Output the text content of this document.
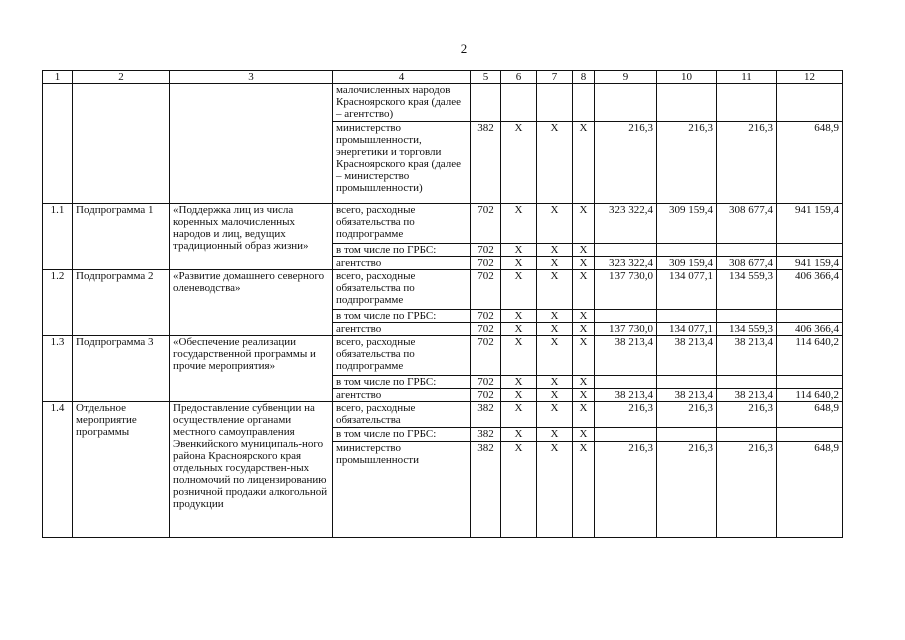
2
1	2	3	4	5	6	7	8	9	10	11	12
			малочисленных народов Красноярского края (далее – агентство)								
			министерство промышленности, энергетики и торговли Красноярского края (далее – министерство промышленности)	382	Х	Х	Х	216,3	216,3	216,3	648,9
1.1	Подпрограмма 1	«Поддержка лиц из числа коренных малочисленных народов и лиц, ведущих традиционный образ жизни»	всего, расходные обязательства по подпрограмме	702	Х	Х	Х	323 322,4	309 159,4	308 677,4	941 159,4
			в том числе по ГРБС:	702	Х	Х	Х				
			агентство	702	Х	Х	Х	323 322,4	309 159,4	308 677,4	941 159,4
1.2	Подпрограмма 2	«Развитие домашнего северного оленеводства»	всего, расходные обязательства по подпрограмме	702	Х	Х	Х	137 730,0	134 077,1	134 559,3	406 366,4
			в том числе по ГРБС:	702	Х	Х	Х				
			агентство	702	Х	Х	Х	137 730,0	134 077,1	134 559,3	406 366,4
1.3	Подпрограмма 3	«Обеспечение реализации государственной программы и прочие мероприятия»	всего, расходные обязательства по подпрограмме	702	Х	Х	Х	38 213,4	38 213,4	38 213,4	114 640,2
			в том числе по ГРБС:	702	Х	Х	Х				
			агентство	702	Х	Х	Х	38 213,4	38 213,4	38 213,4	114 640,2
1.4	Отдельное мероприятие программы	Предоставление субвенции на осуществление органами местного самоуправления Эвенкийского муниципаль-ного района Красноярского края отдельных государствен-ных полномочий по лицензированию розничной продажи алкогольной продукции	всего, расходные обязательства	382	Х	Х	Х	216,3	216,3	216,3	648,9
			в том числе по ГРБС:	382	Х	Х	Х				
			министерство промышленности	382	Х	Х	Х	216,3	216,3	216,3	648,9
